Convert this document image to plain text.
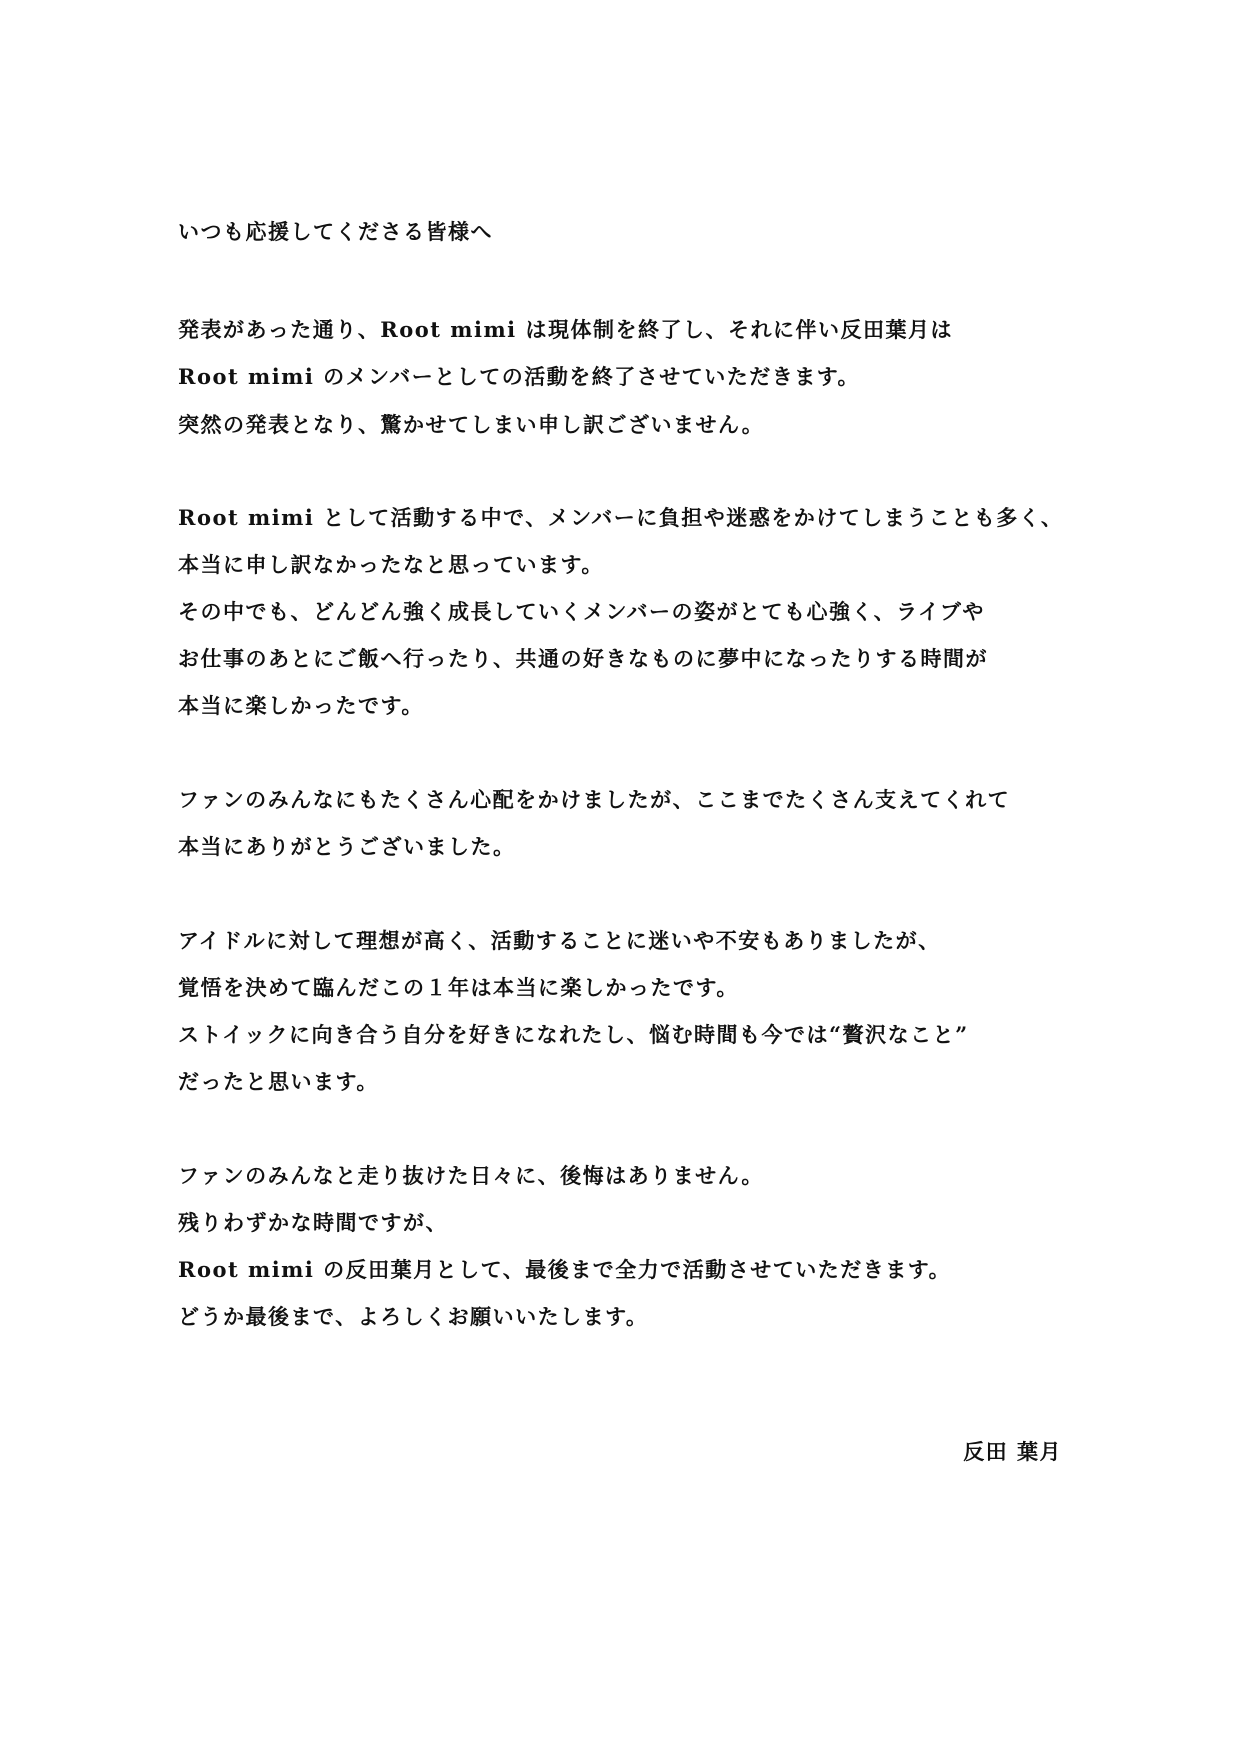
いつも応援してくださる皆様へ
発表があった通り、Root mimi は現体制を終了し、それに伴い反田葉月は
Root mimi のメンバーとしての活動を終了させていただきます。
突然の発表となり、驚かせてしまい申し訳ございません。
Root mimi として活動する中で、メンバーに負担や迷惑をかけてしまうことも多く、
本当に申し訳なかったなと思っています。
その中でも、どんどん強く成長していくメンバーの姿がとても心強く、ライブや
お仕事のあとにご飯へ行ったり、共通の好きなものに夢中になったりする時間が
本当に楽しかったです。
ファンのみんなにもたくさん心配をかけましたが、ここまでたくさん支えてくれて
本当にありがとうございました。
アイドルに対して理想が高く、活動することに迷いや不安もありましたが、
覚悟を決めて臨んだこの１年は本当に楽しかったです。
ストイックに向き合う自分を好きになれたし、悩む時間も今では“贅沢なこと”
だったと思います。
ファンのみんなと走り抜けた日々に、後悔はありません。
残りわずかな時間ですが、
Root mimi の反田葉月として、最後まで全力で活動させていただきます。
どうか最後まで、よろしくお願いいたします。
反田 葉月
